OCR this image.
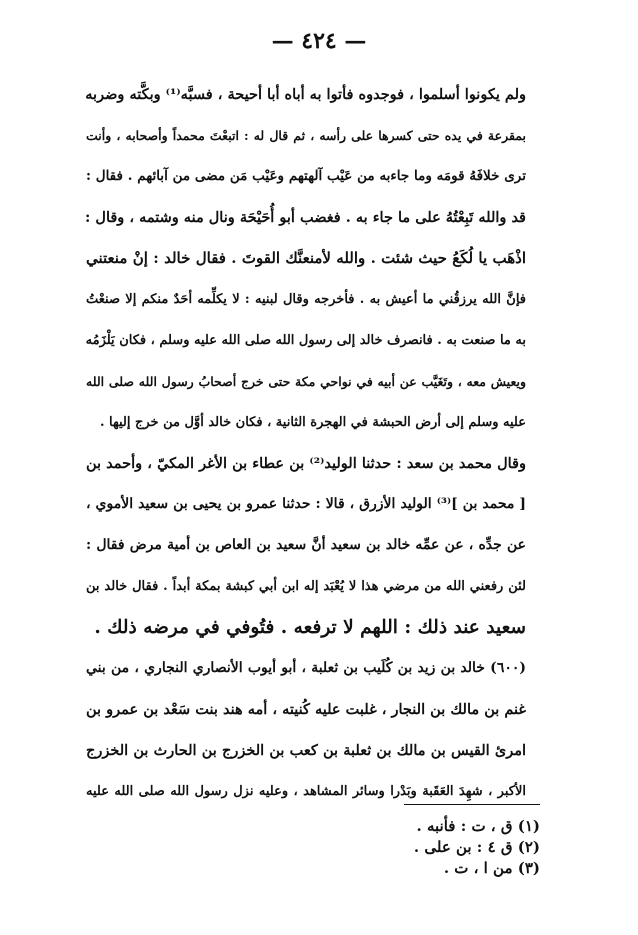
— ٤٢٤ —
ولم يكونوا أسلموا ، فوجدوه فأتوا به أباه أبا أحيحة ، فسبَّه⁽¹⁾ وبكَّته وضربه
بمقرعة في يده حتى كسرها على رأسه ، ثم قال له : اتبعْتَ محمداً وأصحابه ، وأنت
ترى خلافَهُ قومَه وما جاءبه من عَيْب آلهتهم وعَيْب مَن مضى من آبائهم . فقال :
قد والله تَبِعْتُهُ على ما جاء به . فغضب أبو أُحَيْحَة ونال منه وشتمه ، وقال :
اذْهَب يا لُكَعُ حيث شئت . والله لأمنعنَّك القوتَ . فقال خالد : إنْ منعتني
فإنَّ الله يرزقُني ما أعيش به . فأخرجه وقال لبنيه : لا يكلِّمه أحَدٌ منكم إلا صنعْتُ
به ما صنعت به . فانصرف خالد إلى رسول الله صلى الله عليه وسلم ، فكان يَلْزَمُه
ويعيش معه ، وتَغَيَّب عن أبيه في نواحي مكة حتى خرج أصحابُ رسول الله صلى الله
عليه وسلم إلى أرض الحبشة في الهجرة الثانية ، فكان خالد أوَّل من خرج إليها .
وقال محمد بن سعد : حدثنا الوليد⁽²⁾ بن عطاء بن الأغر المكيّ ، وأحمد بن
[ محمد بن ]⁽³⁾ الوليد الأزرق ، قالا : حدثنا عمرو بن يحيى بن سعيد الأموي ،
عن جدِّه ، عن عمِّه خالد بن سعيد أنَّ سعيد بن العاص بن أمية مرض فقال :
لئن رفعني الله من مرضي هذا لا يُعْبَد إله ابن أبي كبشة بمكة أبداً . فقال خالد بن
سعيد عند ذلك : اللهم لا ترفعه . فتُوفي في مرضه ذلك .
(٦٠٠) خالد بن زيد بن كُلَيب بن ثعلبة ، أبو أيوب الأنصاري النجاري ، من بني
غنم بن مالك بن النجار ، غلبت عليه كُنيته ، أمه هند بنت سَعْد بن عمرو بن
امرئ القيس بن مالك بن ثعلبة بن كعب بن الخزرج بن الحارث بن الخزرج
الأكبر ، شهِدَ العَقَبة وبَدْرا وسائر المشاهد ، وعليه نزل رسول الله صلى الله عليه
(١) ق ، ت : فأنبه .
(٢) ق ٤ : بن على .
(٣) من ا ، ت .
